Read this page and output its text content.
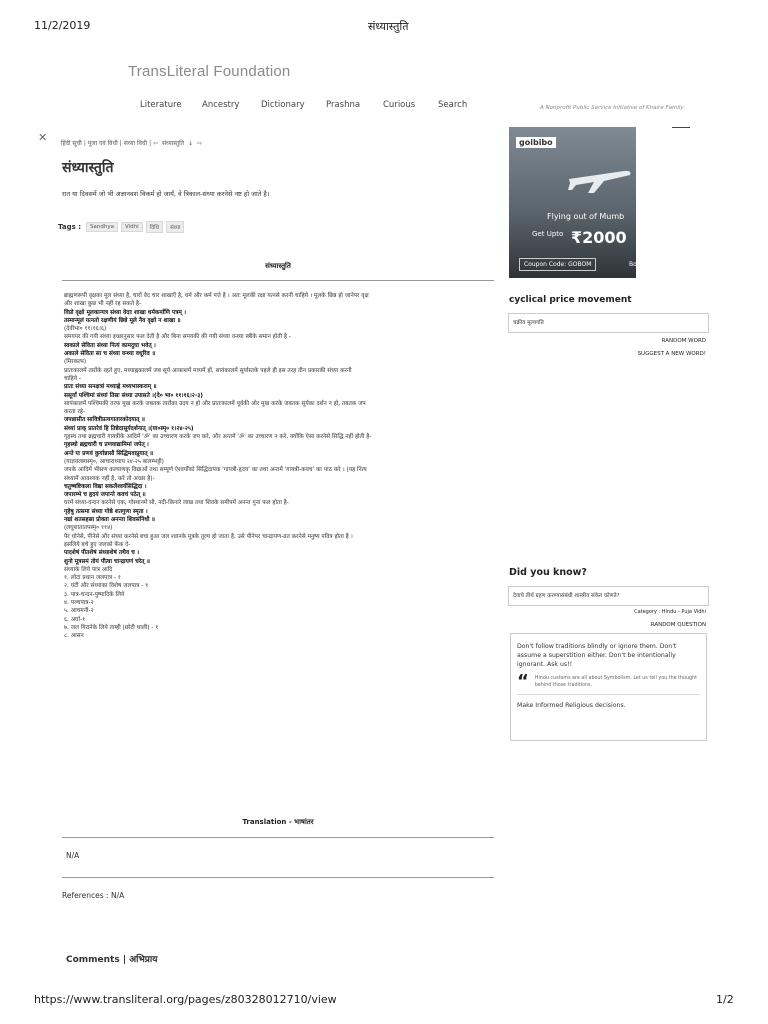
11/2/2019	संध्यास्तुति
https://www.transliteral.org/pages/z80328012710/view	1/2
TransLiteral Foundation
A Nonprofit Public Service Initiative of Khaire Family.
Literature Ancestry	Dictionary	Prashna	Curious	Search
✕ हिंदी सूची | पूजा एवं विधी | संध्या विधी | ⇦ संध्यास्तुति ↓ ⇨
संध्यास्तुति
रात या दिवसमें जो भी अज्ञानवश विकर्म हो जायँ, वे त्रिकाल-संध्या करनेसे नष्ट हो जाते है।
Tags :	Sandhya	Vidhi	विधि	संध्या
संध्यास्तुति
ब्राह्मणरूपी वृक्षका मूल संध्या है, चारों वेद चार शाखाएँ है, धर्म और कर्म पत्ते है । अतः मूलकी रक्षा यत्नसे करनी चाहिये । मूलके छिन्न हो जानेपर वृक्ष
और शाखा कुछ भी नहीं रह सकते है-
विप्रो वृक्षो मूलकान्यत्र संध्या वेदाः शाखा धर्मकर्माणि पत्रम् ।
तस्मान्मूलं यत्नतो रक्षणीयं छिन्ने मूले नैव वृक्षो न शाखा ॥
(देवीभा० ११।१६।६)
समयपर की गयी संध्या इच्छानुसार फल देती है और बिना समयकी की गयी संध्या वन्ध्या स्त्रीके समान होती है -
स्वकाले सेविता संध्या नित्यं कामदुघा भवेत् ।
अकाले सेविता सा च संध्या वन्ध्या वधूरिव ॥
(मिरकल्प)
प्रातःकालमें तारोंके रहते हुए, मध्याह्नकालमें जब सूर्य आकाशमें मध्यमें हों, सायंकालमें सूर्यास्तके पहले ही इस तरह तीन प्रकारकी संध्या करनी
चाहिये -
प्रातः संध्या सनक्षत्रां मध्याह्ने मध्यभास्कराम् ॥
ससूर्यां पश्चिमां संध्यां तिस्रः संध्या उपासते ।(दे० भा० ११।१६।२-३)
सायंकालमें पश्चिमकी तरफ मुख करके जबतक तारोंका उदय न हो और प्रातःकालमें पूर्वकी ओर मुख करके जबतक सूर्यका दर्शन न हो, तबतक जप
करता रहे-
जपन्नासीत सावित्रीप्रत्यगातारकोदयात् ॥
संध्यां प्राक् प्रातरेवं हि तिष्ठेदासूर्यदर्शनात् ।(या०स्मृ० १।२४-२५)
गृहस्थ तथा ब्रह्मचारी गायत्रीके आदिमें 'ॐ' का उच्चारण करके जप करे, और अन्तमें 'ॐ' का उच्चारण न करे, क्योंकि ऐसा करनेसे सिद्धि नहीं होती है-
गृहस्थो ब्रह्मचारी च प्रणवाद्यामिमां जपेत् ।
अन्ते यः प्रणवं कुर्यान्नासौ सिद्धिमवाप्नुयात् ॥
(याज्ञवल्क्यस्मृ०, आचाराध्याय २४-२५ बालम्भट्टी)
जपके आदिमें भीसण कल्याणकृ विद्याओं तथा सम्पूर्ण ऐश्वर्योंको सिद्धिदायक 'गायत्री-हृदय' का तथा अन्तमें 'गायत्री-कवच' का पाठ करे । (यह नित्य
संध्यामें आवश्यक नहीं है, करे तो अच्छा है)-
चतुष्षष्टिकला विद्या सकलैश्वर्यसिद्धिदा ।
जपारम्भे च हृदयं जपान्ते कवचं पठेत् ॥
घरमें संध्या-वन्दन करनेसे एक, गोस्थानमें सौ, नदी-किनारे लाख तथा शिवके समीपमें अनन्त गुना फल होता है-
गृहेषु तत्समा संध्या गोष्ठे शतगुणा स्मृता ।
नद्यां शतसहस्रा प्रोक्ता अनन्ता शिवसंनिधौ ॥
(लघुशातातपस्मृ० ११४)
पैर धोनेसे, पीनेसे और संध्या करनेसे बचा हुआ जल श्वानके मूत्रके तुल्य हो जाता है, उसे पीनेपर चान्द्रायण-व्रत करनेसे मनुष्य पवित्र होता है ।
इसलिये बचे हुए जलको फेंक दे-
पादशेषं पीतशेषं संध्याशेषं तथैव च ।
शुनो मूत्रसमं तोयं पीत्वा चान्द्रायणं चरेत् ॥
संध्याके लिये पात्र आदि
१. लोटा प्रधान जलपात्र - १
२. घंटी और संध्याका विशेष जलपात्र - १
३. पात्र-चन्दन-पुष्पादिके लिये
४. पञ्चपात्र-२
५. आचमनी-२
६. अर्घा-१
७. जल गिरानेके लिये ताम्ही (छोटी थाली) - १
८. आसन
Translation - भाषांतर
N/A
References : N/A
Comments | अभिप्राय
goibibo
Flying out of Mumb
Get Upto ₹2000
Coupon Code: GOBOM	Bo
cyclical price movement
चक्रीय मूल्यगति
RANDOM WORD
SUGGEST A NEW WORD!
Did you know?
देवाचे तीर्थ ग्रहण करण्यासंबंधी शास्त्रीय संकेत कोणते?
Category : Hindu - Puja Vidhi
RANDOM QUESTION

Don't follow traditions blindly or ignore them. Don't assume a superstition either. Don't be intentionally ignorant. Ask us!!

“ Hindu customs are all about Symbolism. Let us tell you the thought behind those traditions.

Make Informed Religious decisions.
